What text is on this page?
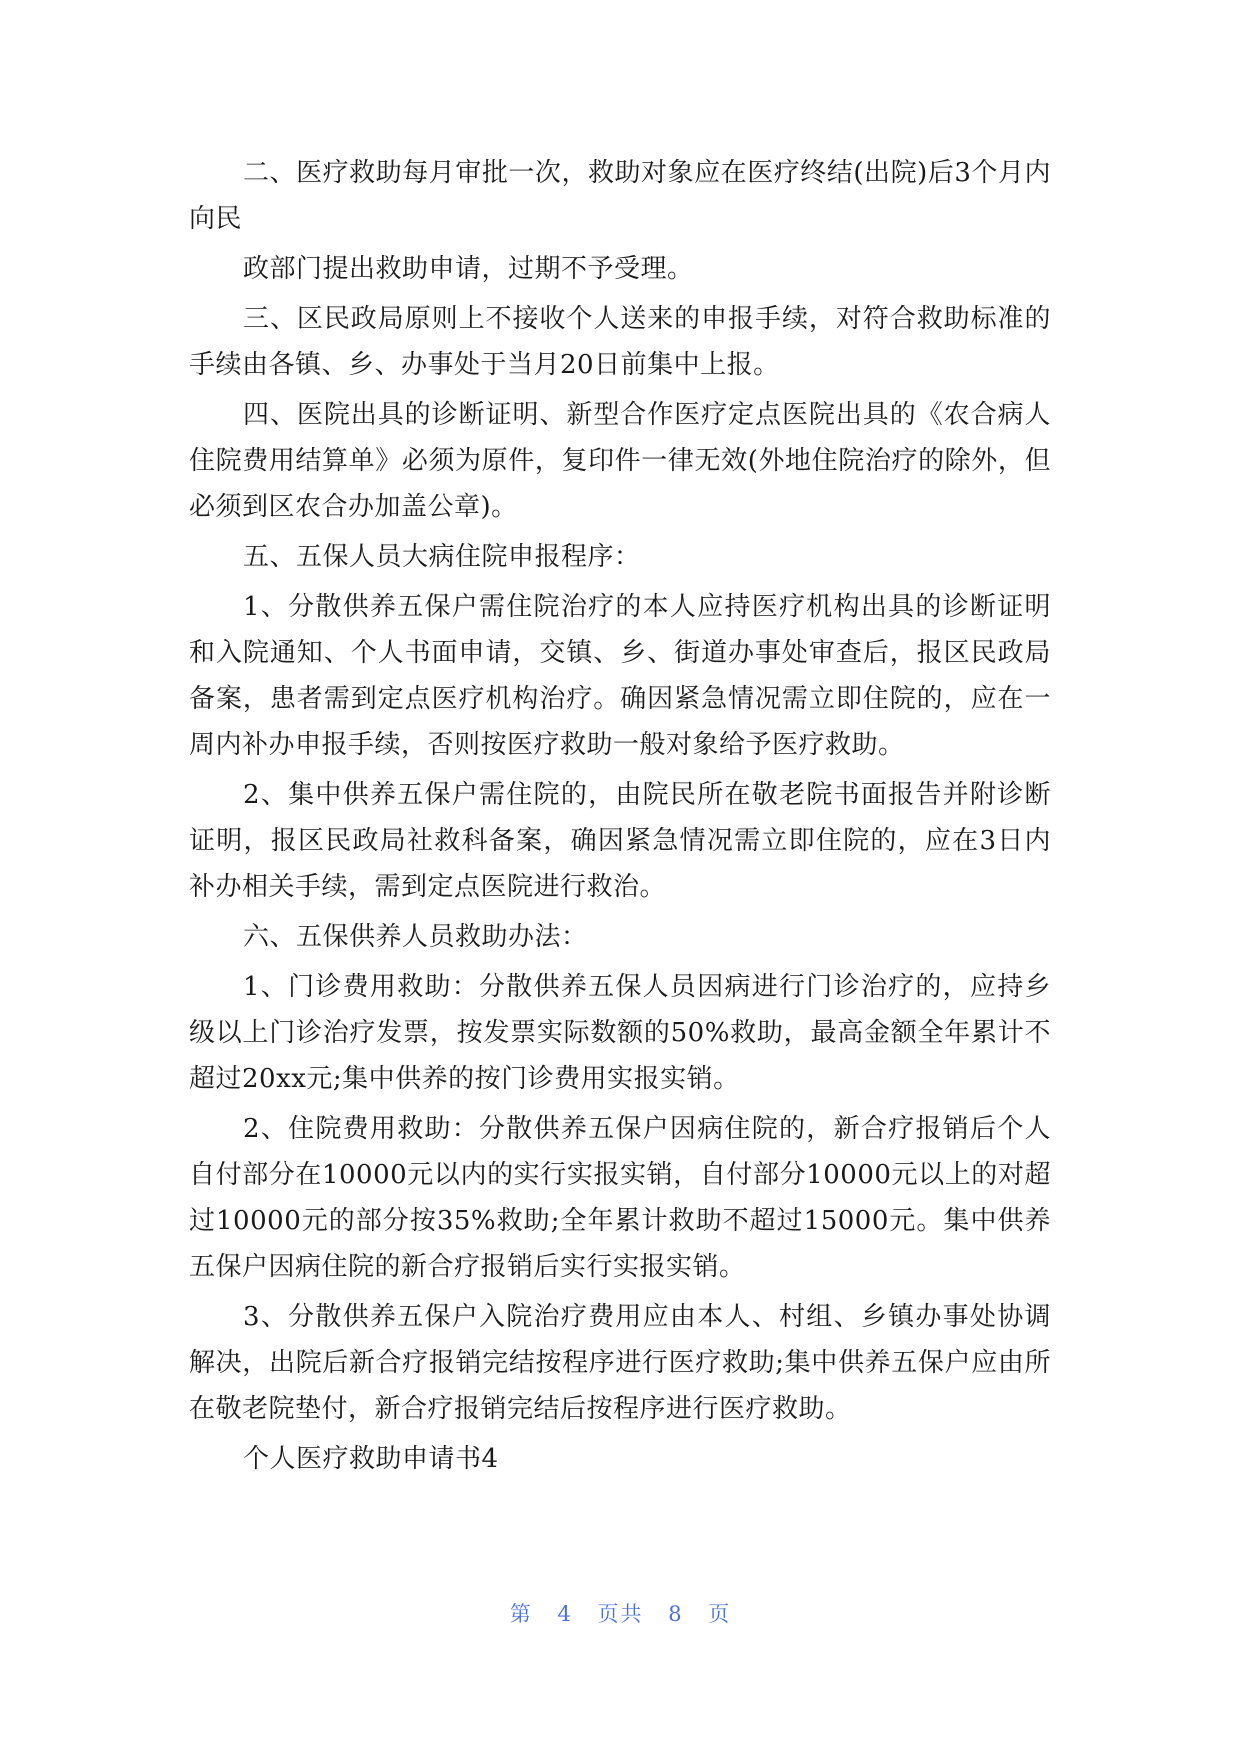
二、医疗救助每月审批一次，救助对象应在医疗终结(出院)后3个月内向民

政部门提出救助申请，过期不予受理。

三、区民政局原则上不接收个人送来的申报手续，对符合救助标准的手续由各镇、乡、办事处于当月20日前集中上报。

四、医院出具的诊断证明、新型合作医疗定点医院出具的《农合病人住院费用结算单》必须为原件，复印件一律无效(外地住院治疗的除外，但必须到区农合办加盖公章)。

五、五保人员大病住院申报程序：

1、分散供养五保户需住院治疗的本人应持医疗机构出具的诊断证明和入院通知、个人书面申请，交镇、乡、街道办事处审查后，报区民政局备案，患者需到定点医疗机构治疗。确因紧急情况需立即住院的，应在一周内补办申报手续，否则按医疗救助一般对象给予医疗救助。

2、集中供养五保户需住院的，由院民所在敬老院书面报告并附诊断证明，报区民政局社救科备案，确因紧急情况需立即住院的，应在3日内补办相关手续，需到定点医院进行救治。

六、五保供养人员救助办法：

1、门诊费用救助：分散供养五保人员因病进行门诊治疗的，应持乡级以上门诊治疗发票，按发票实际数额的50%救助，最高金额全年累计不超过20xx元;集中供养的按门诊费用实报实销。

2、住院费用救助：分散供养五保户因病住院的，新合疗报销后个人自付部分在10000元以内的实行实报实销，自付部分10000元以上的对超过10000元的部分按35%救助;全年累计救助不超过15000元。集中供养五保户因病住院的新合疗报销后实行实报实销。

3、分散供养五保户入院治疗费用应由本人、村组、乡镇办事处协调解决，出院后新合疗报销完结按程序进行医疗救助;集中供养五保户应由所在敬老院垫付，新合疗报销完结后按程序进行医疗救助。

个人医疗救助申请书4

第 4 页共 8 页
